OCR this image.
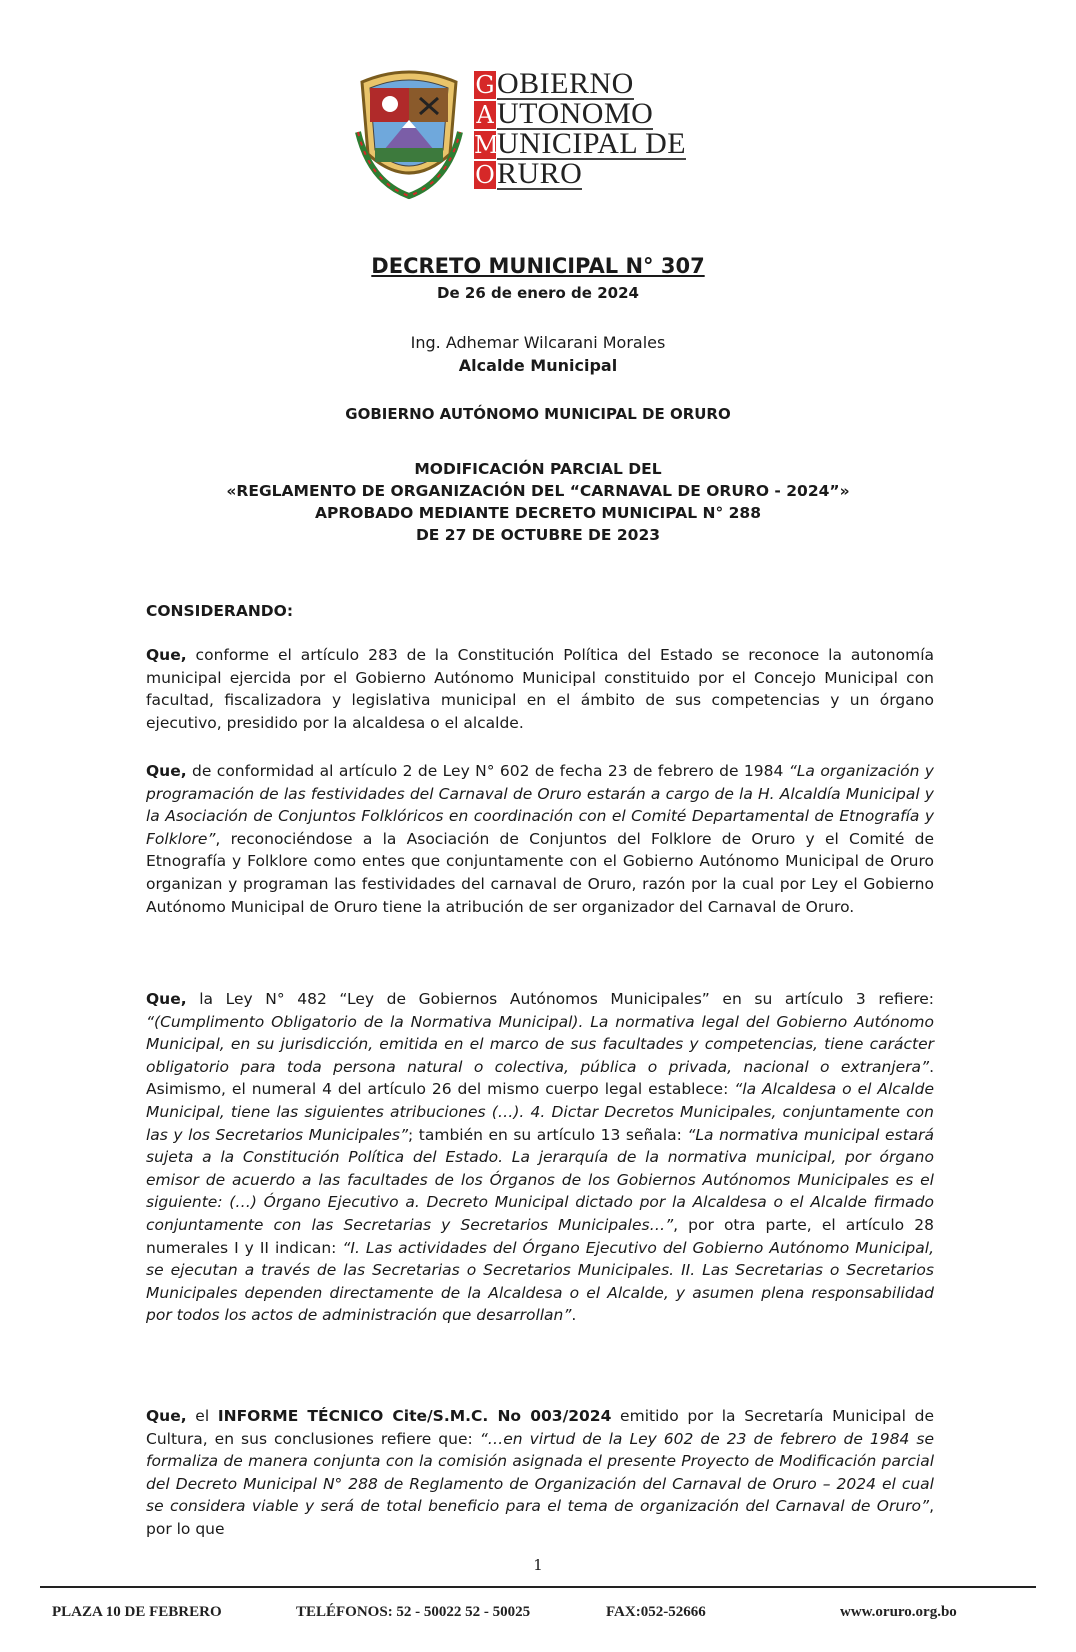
G OBIERNO
A UTONOMO
M
UNICIPAL DE
O RURO
DECRETO MUNICIPAL N° 307
De 26 de enero de 2024
Ing. Adhemar Wilcarani Morales
Alcalde Municipal
GOBIERNO AUTÓNOMO MUNICIPAL DE ORURO
MODIFICACIÓN PARCIAL DEL
«REGLAMENTO DE ORGANIZACIÓN DEL “CARNAVAL DE ORURO - 2024”»
APROBADO MEDIANTE DECRETO MUNICIPAL N° 288
DE 27 DE OCTUBRE DE 2023
CONSIDERANDO:

Que, conforme el artículo 283 de la Constitución Política del Estado se reconoce la autonomía municipal ejercida por el Gobierno Autónomo Municipal constituido por el Concejo Municipal con facultad, fiscalizadora y legislativa municipal en el ámbito de sus competencias y un órgano ejecutivo, presidido por la alcaldesa o el alcalde.

Que, de conformidad al artículo 2 de Ley N° 602 de fecha 23 de febrero de 1984 “La organización y programación de las festividades del Carnaval de Oruro estarán a cargo de la H. Alcaldía Municipal y la Asociación de Conjuntos Folklóricos en coordinación con el Comité Departamental de Etnografía y Folklore”, reconociéndose a la Asociación de Conjuntos del Folklore de Oruro y el Comité de Etnografía y Folklore como entes que conjuntamente con el Gobierno Autónomo Municipal de Oruro organizan y programan las festividades del carnaval de Oruro, razón por la cual por Ley el Gobierno Autónomo Municipal de Oruro tiene la atribución de ser organizador del Carnaval de Oruro.

Que, la Ley N° 482 “Ley de Gobiernos Autónomos Municipales” en su artículo 3 refiere: “(Cumplimento Obligatorio de la Normativa Municipal). La normativa legal del Gobierno Autónomo Municipal, en su jurisdicción, emitida en el marco de sus facultades y competencias, tiene carácter obligatorio para toda persona natural o colectiva, pública o privada, nacional o extranjera”. Asimismo, el numeral 4 del artículo 26 del mismo cuerpo legal establece: “la Alcaldesa o el Alcalde Municipal, tiene las siguientes atribuciones (…). 4. Dictar Decretos Municipales, conjuntamente con las y los Secretarios Municipales”; también en su artículo 13 señala: “La normativa municipal estará sujeta a la Constitución Política del Estado. La jerarquía de la normativa municipal, por órgano emisor de acuerdo a las facultades de los Órganos de los Gobiernos Autónomos Municipales es el siguiente: (…) Órgano Ejecutivo a. Decreto Municipal dictado por la Alcaldesa o el Alcalde firmado conjuntamente con las Secretarias y Secretarios Municipales…”, por otra parte, el artículo 28 numerales I y II indican: “I. Las actividades del Órgano Ejecutivo del Gobierno Autónomo Municipal, se ejecutan a través de las Secretarias o Secretarios Municipales. II. Las Secretarias o Secretarios Municipales dependen directamente de la Alcaldesa o el Alcalde, y asumen plena responsabilidad por todos los actos de administración que desarrollan”.

Que, el INFORME TÉCNICO Cite/S.M.C. No 003/2024 emitido por la Secretaría Municipal de Cultura, en sus conclusiones refiere que: “…en virtud de la Ley 602 de 23 de febrero de 1984 se formaliza de manera conjunta con la comisión asignada el presente Proyecto de Modificación parcial del Decreto Municipal N° 288 de Reglamento de Organización del Carnaval de Oruro – 2024 el cual se considera viable y será de total beneficio para el tema de organización del Carnaval de Oruro”, por lo que

1
PLAZA 10 DE FEBRERO	TELÉFONOS: 52 - 50022 52 - 50025	FAX:052-52666	www.oruro.org.bo
